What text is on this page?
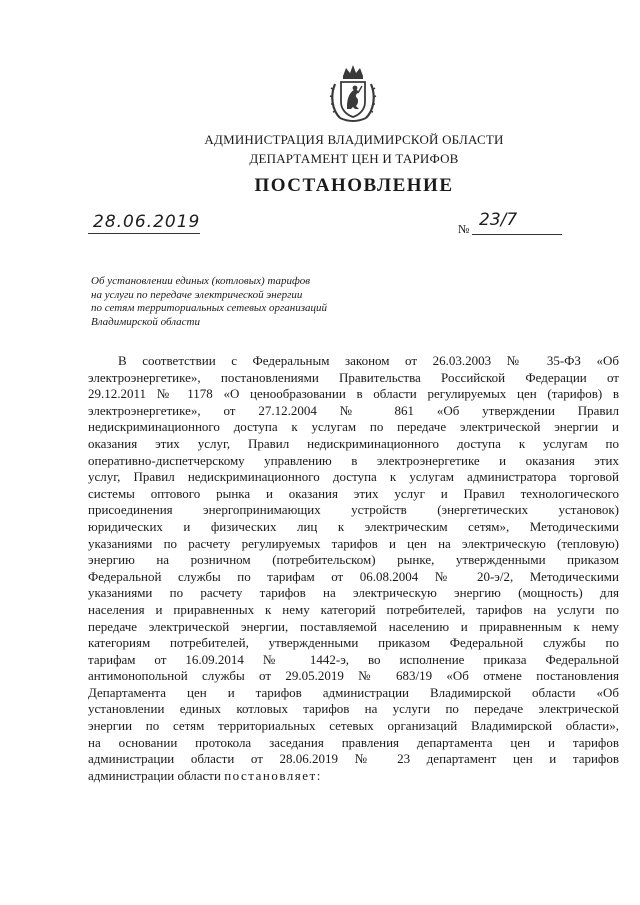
АДМИНИСТРАЦИЯ ВЛАДИМИРСКОЙ ОБЛАСТИ
ДЕПАРТАМЕНТ ЦЕН И ТАРИФОВ
ПОСТАНОВЛЕНИЕ
28.06.2019	№ 23/7
Об установлении единых (котловых) тарифов
на услуги по передаче электрической энергии
по сетям территориальных сетевых организаций
Владимирской области
В соответствии с Федеральным законом от 26.03.2003 № 35-ФЗ «Об
электроэнергетике», постановлениями Правительства Российской Федерации от
29.12.2011 № 1178 «О ценообразовании в области регулируемых цен (тарифов) в
электроэнергетике», от 27.12.2004 № 861 «Об утверждении Правил
недискриминационного доступа к услугам по передаче электрической энергии и
оказания этих услуг, Правил недискриминационного доступа к услугам по
оперативно-диспетчерскому управлению в электроэнергетике и оказания этих
услуг, Правил недискриминационного доступа к услугам администратора торговой
системы оптового рынка и оказания этих услуг и Правил технологического
присоединения энергопринимающих устройств (энергетических установок)
юридических и физических лиц к электрическим сетям», Методическими
указаниями по расчету регулируемых тарифов и цен на электрическую (тепловую)
энергию на розничном (потребительском) рынке, утвержденными приказом
Федеральной службы по тарифам от 06.08.2004 № 20-э/2, Методическими
указаниями по расчету тарифов на электрическую энергию (мощность) для
населения и приравненных к нему категорий потребителей, тарифов на услуги по
передаче электрической энергии, поставляемой населению и приравненным к нему
категориям потребителей, утвержденными приказом Федеральной службы по
тарифам от 16.09.2014 № 1442-э, во исполнение приказа Федеральной
антимонопольной службы от 29.05.2019 № 683/19 «Об отмене постановления
Департамента цен и тарифов администрации Владимирской области «Об
установлении единых котловых тарифов на услуги по передаче электрической
энергии по сетям территориальных сетевых организаций Владимирской области»,
на основании протокола заседания правления департамента цен и тарифов
администрации области от 28.06.2019 № 23 департамент цен и тарифов
администрации области постановляет:
